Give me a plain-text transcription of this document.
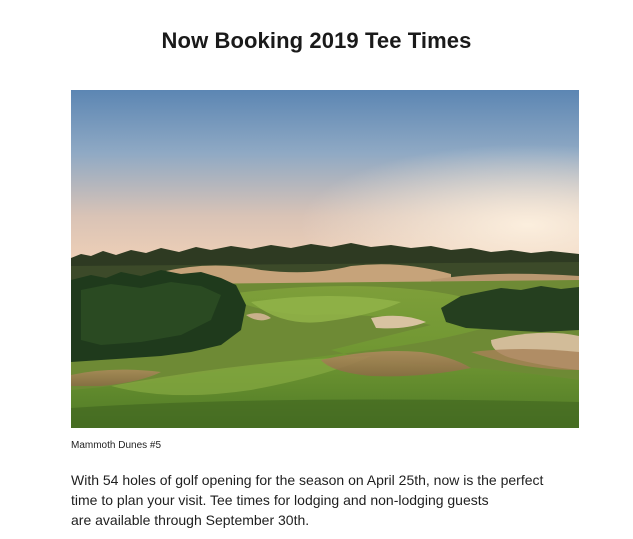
Now Booking 2019 Tee Times

Mammoth Dunes #5

With 54 holes of golf opening for the season on April 25th, now is the perfect
time to plan your visit. Tee times for lodging and non-lodging guests
are available through September 30th.
